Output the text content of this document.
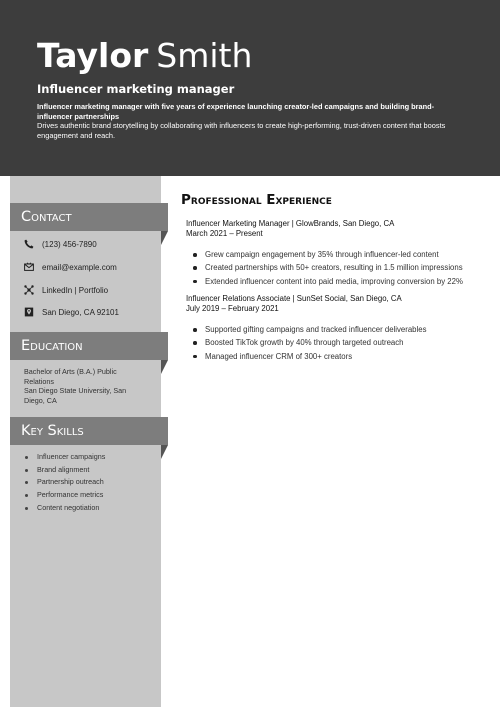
Taylor Smith
Influencer marketing manager
Influencer marketing manager with five years of experience launching creator-led campaigns and building brand-influencer partnerships
Drives authentic brand storytelling by collaborating with influencers to create high-performing, trust-driven content that boosts engagement and reach.
Contact
(123) 456-7890
email@example.com
LinkedIn | Portfolio
San Diego, CA 92101
Education
Bachelor of Arts (B.A.) Public Relations
San Diego State University, San Diego, CA
Key Skills
Influencer campaigns
Brand alignment
Partnership outreach
Performance metrics
Content negotiation
Professional Experience
Influencer Marketing Manager | GlowBrands, San Diego, CA
March 2021 – Present
Grew campaign engagement by 35% through influencer-led content
Created partnerships with 50+ creators, resulting in 1.5 million impressions
Extended influencer content into paid media, improving conversion by 22%
Influencer Relations Associate | SunSet Social, San Diego, CA
July 2019 – February 2021
Supported gifting campaigns and tracked influencer deliverables
Boosted TikTok growth by 40% through targeted outreach
Managed influencer CRM of 300+ creators
